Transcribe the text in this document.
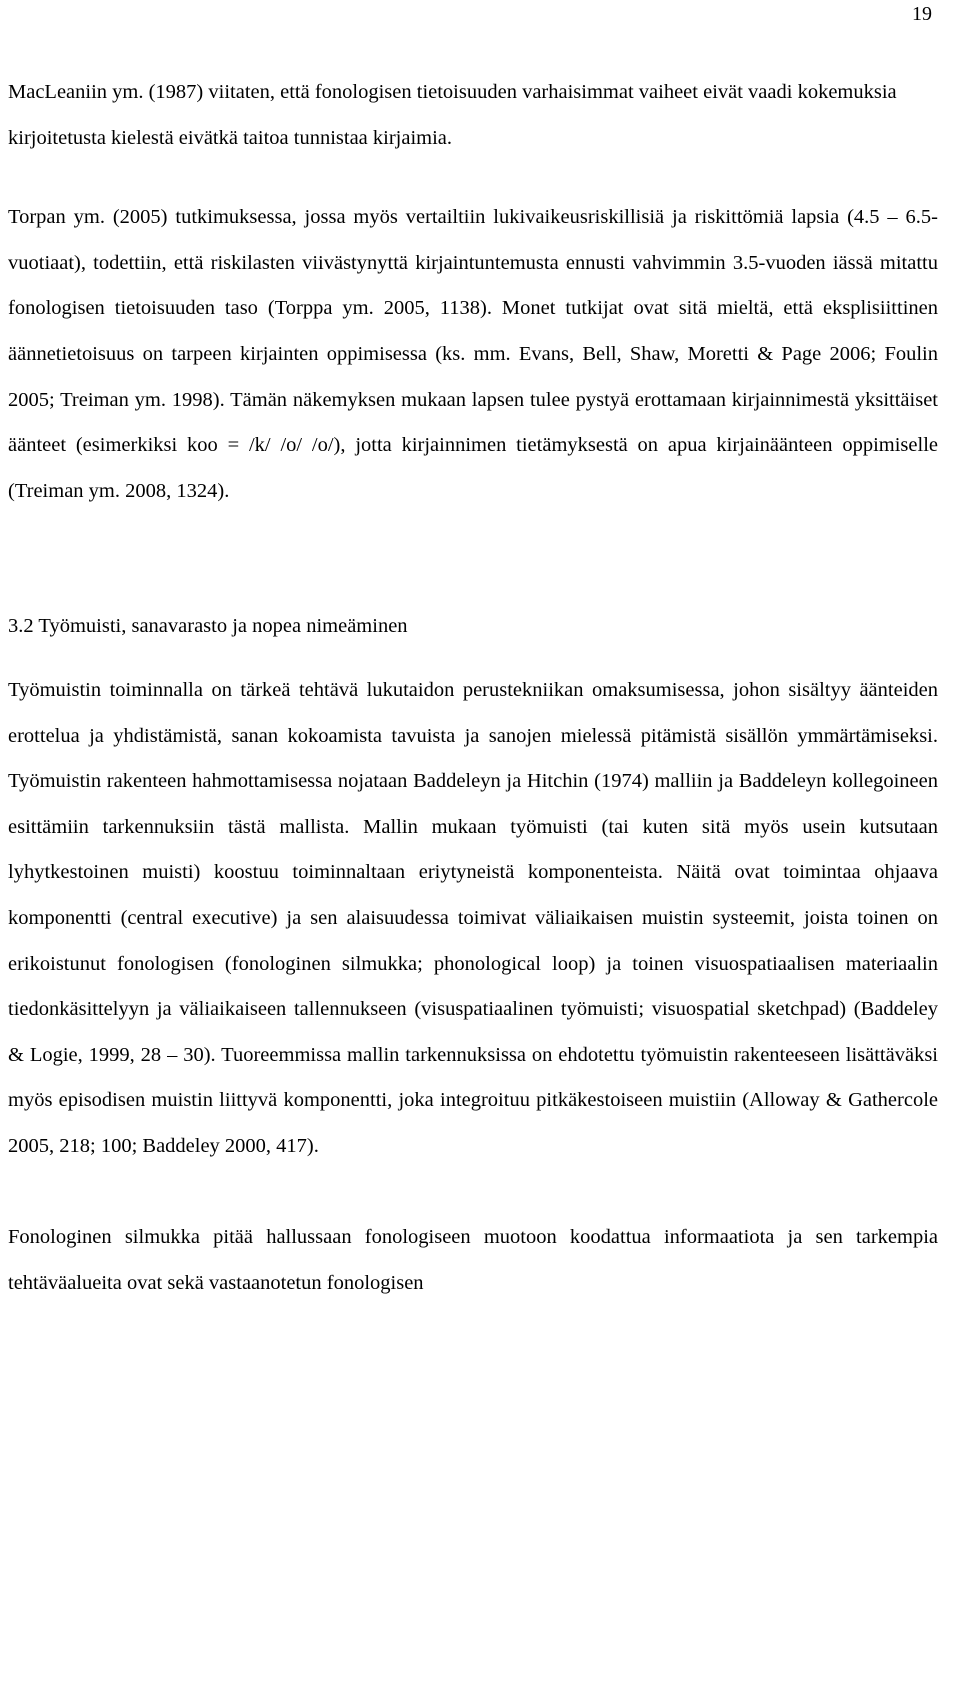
19

MacLeaniin ym. (1987) viitaten, että fonologisen tietoisuuden varhaisimmat vaiheet eivät vaadi kokemuksia kirjoitetusta kielestä eivätkä taitoa tunnistaa kirjaimia.

Torpan ym. (2005) tutkimuksessa, jossa myös vertailtiin lukivaikeusriskillisiä ja riskittömiä lapsia (4.5 – 6.5-vuotiaat), todettiin, että riskilasten viivästynyttä kirjaintuntemusta ennusti vahvimmin 3.5-vuoden iässä mitattu fonologisen tietoisuuden taso (Torppa ym. 2005, 1138). Monet tutkijat ovat sitä mieltä, että eksplisiittinen äännetietoisuus on tarpeen kirjainten oppimisessa (ks. mm. Evans, Bell, Shaw, Moretti & Page 2006; Foulin 2005; Treiman ym. 1998). Tämän näkemyksen mukaan lapsen tulee pystyä erottamaan kirjainnimestä yksittäiset äänteet (esimerkiksi koo = /k/ /o/ /o/), jotta kirjainnimen tietämyksestä on apua kirjainäänteen oppimiselle (Treiman ym. 2008, 1324).

3.2 Työmuisti, sanavarasto ja nopea nimeäminen

Työmuistin toiminnalla on tärkeä tehtävä lukutaidon perustekniikan omaksumisessa, johon sisältyy äänteiden erottelua ja yhdistämistä, sanan kokoamista tavuista ja sanojen mielessä pitämistä sisällön ymmärtämiseksi. Työmuistin rakenteen hahmottamisessa nojataan Baddeleyn ja Hitchin (1974) malliin ja Baddeleyn kollegoineen esittämiin tarkennuksiin tästä mallista. Mallin mukaan työmuisti (tai kuten sitä myös usein kutsutaan lyhytkestoinen muisti) koostuu toiminnaltaan eriytyneistä komponenteista. Näitä ovat toimintaa ohjaava komponentti (central executive) ja sen alaisuudessa toimivat väliaikaisen muistin systeemit, joista toinen on erikoistunut fonologisen (fonologinen silmukka; phonological loop) ja toinen visuospatiaalisen materiaalin tiedonkäsittelyyn ja väliaikaiseen tallennukseen (visuspatiaalinen työmuisti; visuospatial sketchpad) (Baddeley & Logie, 1999, 28 – 30). Tuoreemmissa mallin tarkennuksissa on ehdotettu työmuistin rakenteeseen lisättäväksi myös episodisen muistin liittyvä komponentti, joka integroituu pitkäkestoiseen muistiin (Alloway & Gathercole 2005, 218; 100; Baddeley 2000, 417).

Fonologinen silmukka pitää hallussaan fonologiseen muotoon koodattua informaatiota ja sen tarkempia tehtäväalueita ovat sekä vastaanotetun fonologisen
